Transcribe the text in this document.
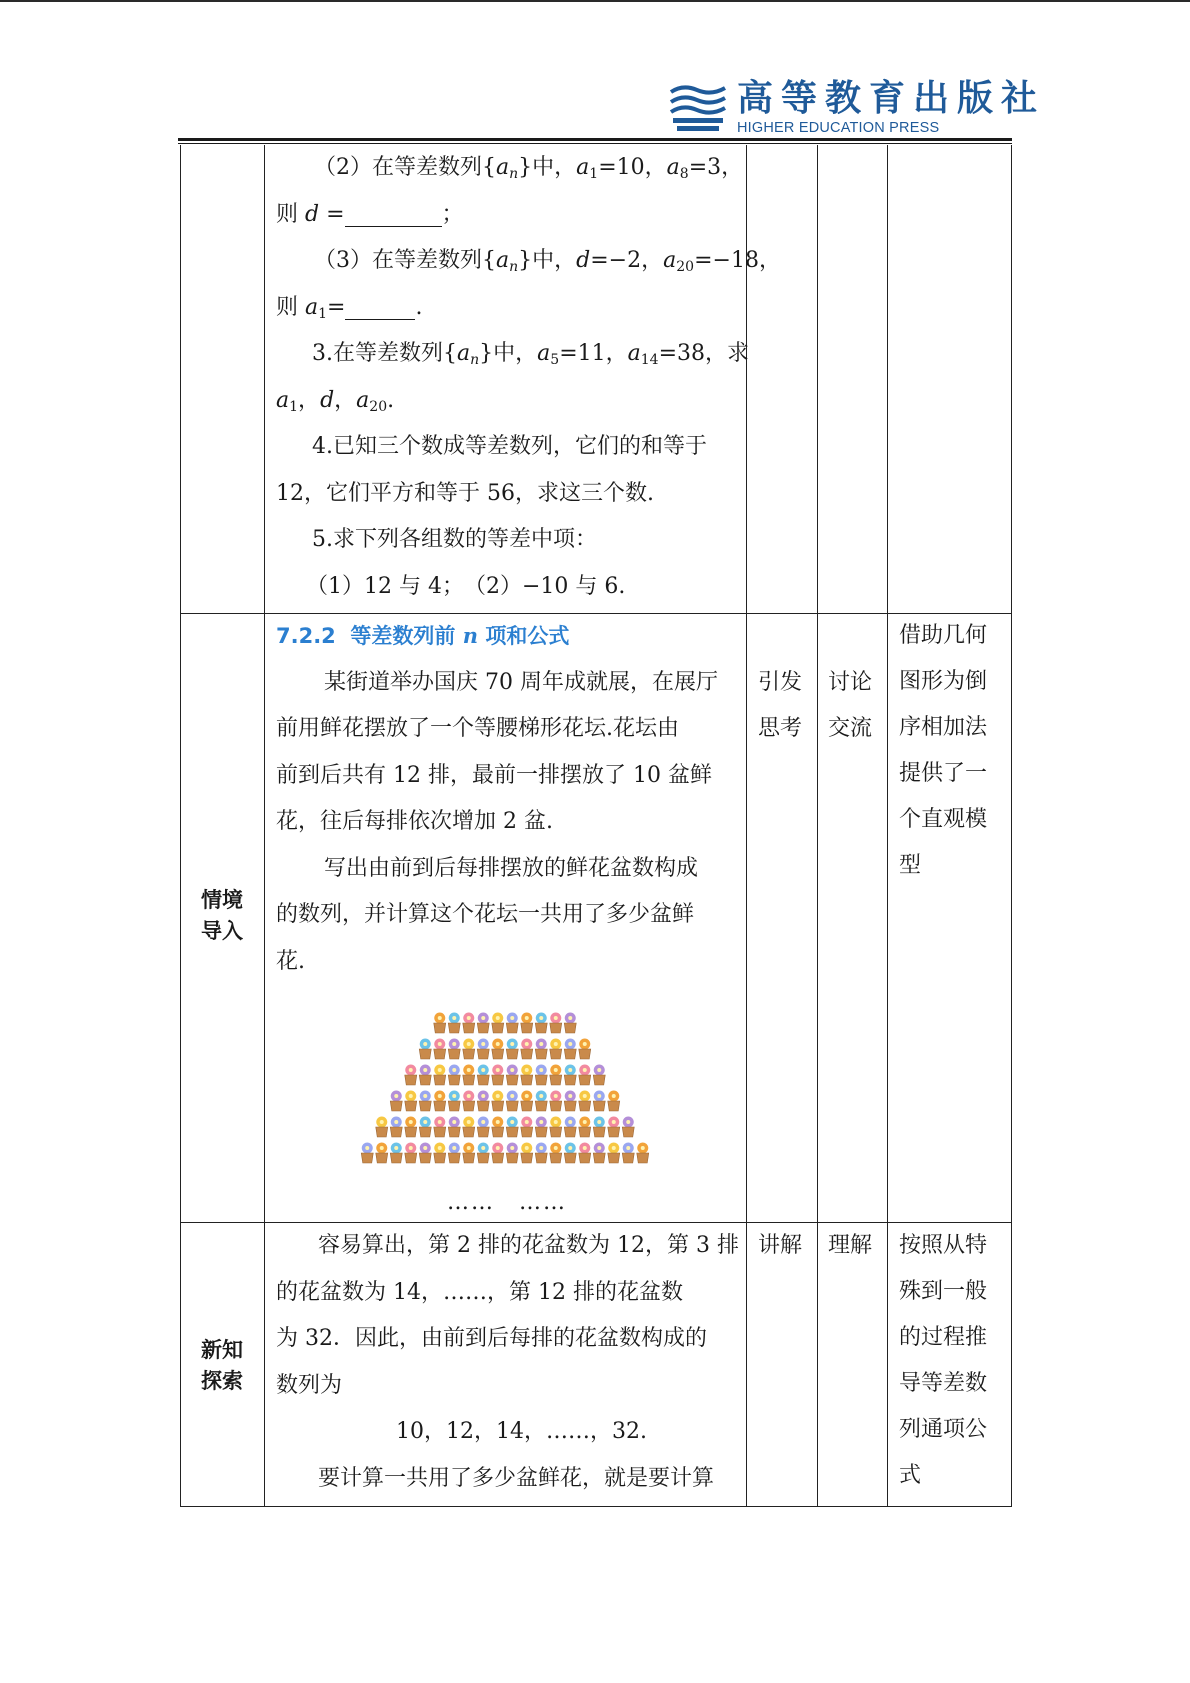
高等教育出版社
HIGHER EDUCATION PRESS
（2）在等差数列$\{a_n\}$中，$a_1=10$，$a_8=3$，
则 d =	；
（3）在等差数列$\{a_n\}$中，d=−2，$a_{20}=-18$，
则 $a_1=$	.
3.在等差数列$\{a_n\}$中，$a_5=11$，$a_{14}=38$，求
$a_1$，d，$a_{20}$.
4.已知三个数成等差数列，它们的和等于
12，它们平方和等于 56，求这三个数.
5.求下列各组数的等差中项：
（1）12 与 4；　（2）−10 与 6.
情境
导入
7.2.2 等差数列前 n 项和公式
某街道举办国庆 70 周年成就展，在展厅
前用鲜花摆放了一个等腰梯形花坛.花坛由
前到后共有 12 排，最前一排摆放了 10 盆鲜
花，往后每排依次增加 2 盆.
写出由前到后每排摆放的鲜花盆数构成
的数列，并计算这个花坛一共用了多少盆鲜
花.
……　……
引发
思考
讨论
交流
借助几何
图形为倒
序相加法
提供了一
个直观模
型
新知
探索
容易算出，第 2 排的花盆数为 12，第 3 排
的花盆数为 14，……，第 12 排的花盆数
为 32．因此，由前到后每排的花盆数构成的
数列为
10，12，14，……，32.
要计算一共用了多少盆鲜花，就是要计算
讲解 理解 按照从特
殊到一般
的过程推
导等差数
列通项公
式
